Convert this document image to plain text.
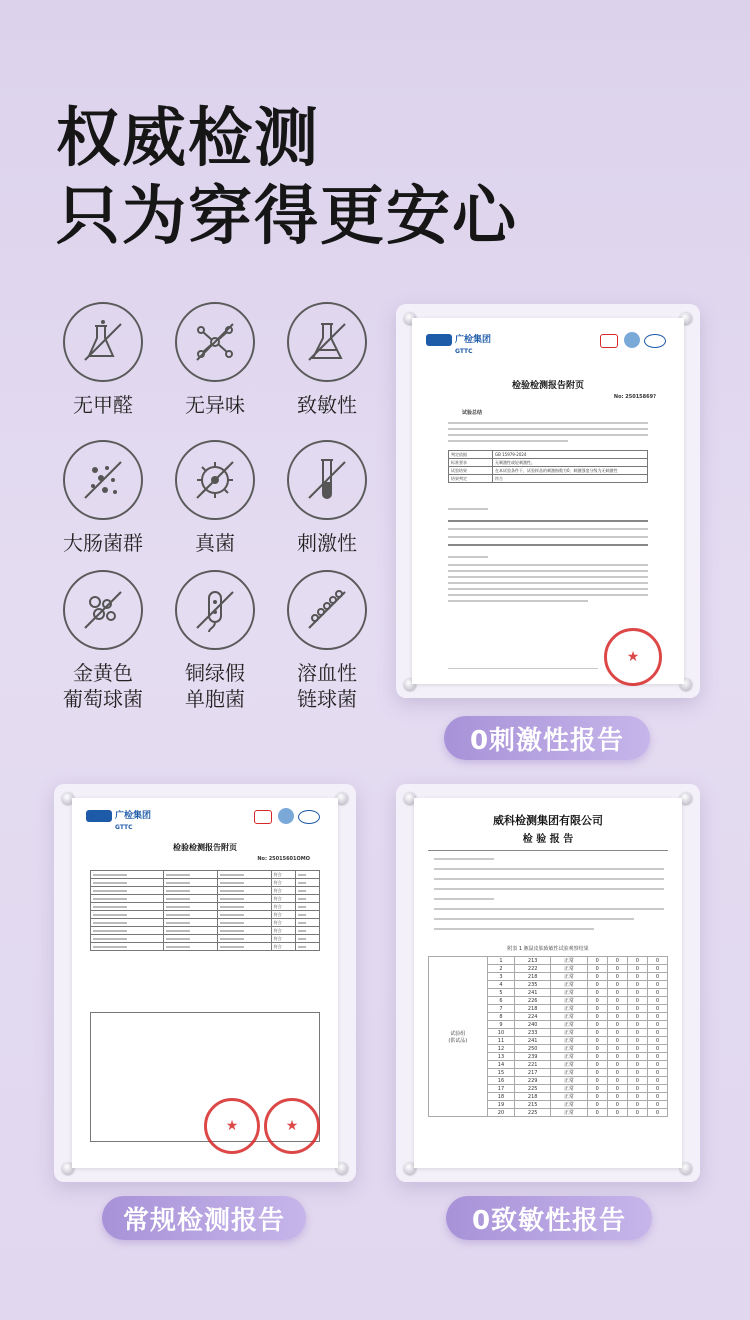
权威检测
只为穿得更安心
无甲醛	无异味	致敏性
大肠菌群	真菌	刺激性
金黄色
葡萄球菌
铜绿假
单胞菌
溶血性
链球菌
广检集团
GTTC
检验检测报告附页
No: 25015869?
试验总结
判定依据	GB 15979-2024
标准要求	无刺激性或轻刺激性。
试验结果	在本试验条件下，试验样品的刺激指数为0，刺激强度分级为无刺激性
结果判定	符合
★
0刺激性报告
广检集团
GTTC
检验检测报告附页
No: 25015601OMO
			符合	
			符合	
			符合	
			符合	
			符合	
			符合	
			符合	
			符合	
			符合	
			符合	
★	★
常规检测报告
威科检测集团有限公司
检 验 报 告
附表 1 豚鼠皮肤致敏性试验观察结果
试验组
(供试品)	1	213	正常	0	0	0	0
	2	222	正常	0	0	0	0
	3	218	正常	0	0	0	0
	4	235	正常	0	0	0	0
	5	241	正常	0	0	0	0
	6	226	正常	0	0	0	0
	7	218	正常	0	0	0	0
	8	224	正常	0	0	0	0
	9	240	正常	0	0	0	0
	10	233	正常	0	0	0	0
	11	241	正常	0	0	0	0
	12	250	正常	0	0	0	0
	13	239	正常	0	0	0	0
	14	221	正常	0	0	0	0
	15	217	正常	0	0	0	0
	16	229	正常	0	0	0	0
	17	225	正常	0	0	0	0
	18	218	正常	0	0	0	0
	19	215	正常	0	0	0	0
	20	225	正常	0	0	0	0
0致敏性报告
